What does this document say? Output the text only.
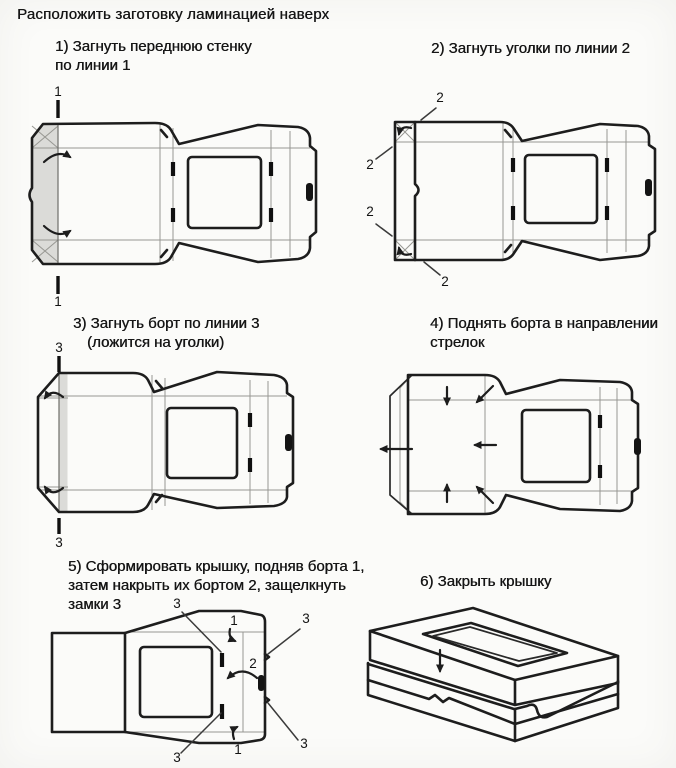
Расположить заготовку ламинацией наверх
1) Загнуть переднюю стенку
по линии 1
2) Загнуть уголки по линии 2
3) Загнуть борт по линии 3
(ложится на уголки)
4) Поднять борта в направлении
стрелок
5) Сформировать крышку, подняв борта 1,
затем накрыть их бортом 2, защелкнуть
замки 3
6) Закрыть крышку
1
1
2
2
2
2
3
3
3
3
3
3
1
1
2
